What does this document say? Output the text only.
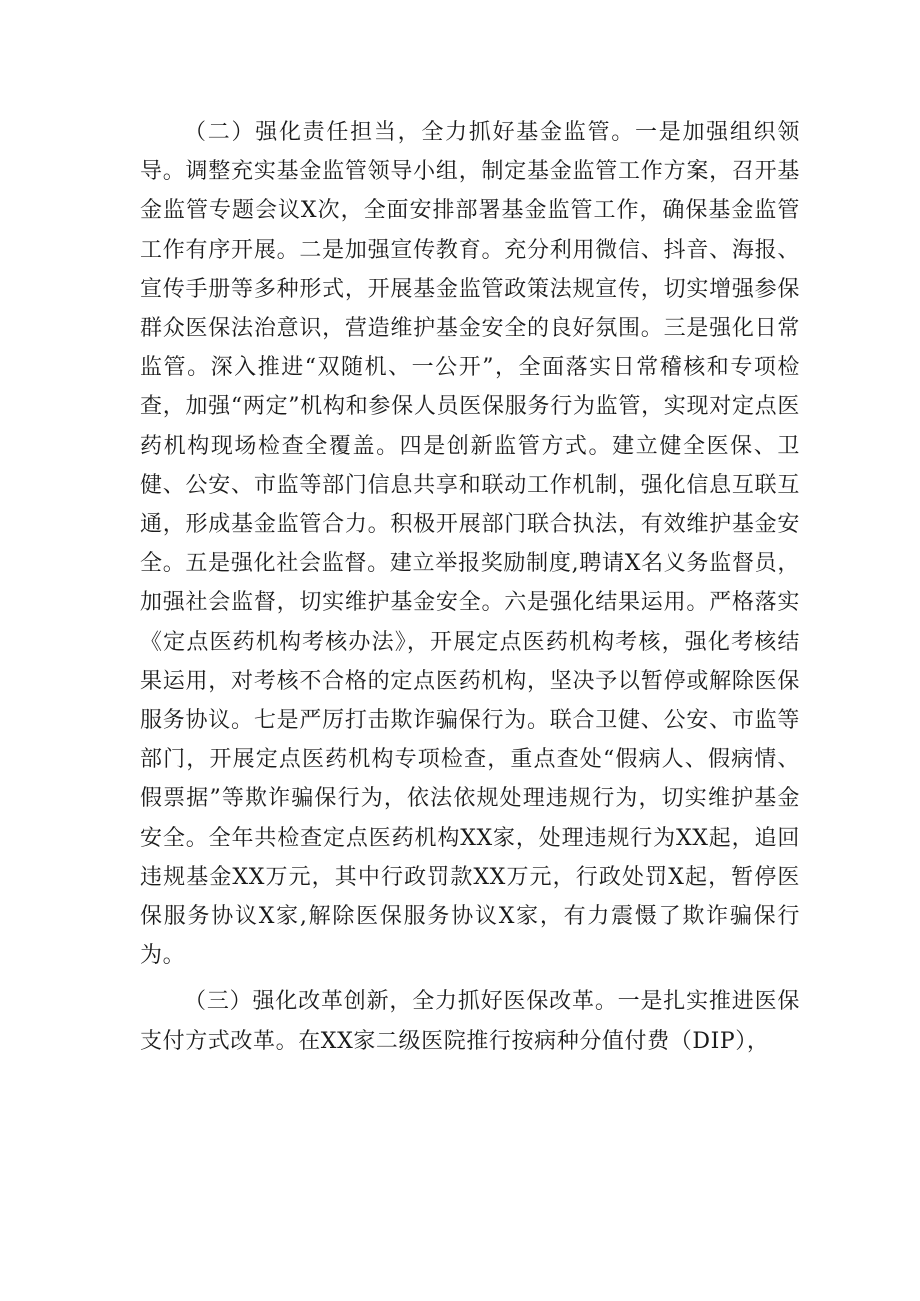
（二）强化责任担当，全力抓好基金监管。一是加强组织领导。调整充实基金监管领导小组，制定基金监管工作方案，召开基金监管专题会议X次，全面安排部署基金监管工作，确保基金监管工作有序开展。二是加强宣传教育。充分利用微信、抖音、海报、宣传手册等多种形式，开展基金监管政策法规宣传，切实增强参保群众医保法治意识，营造维护基金安全的良好氛围。三是强化日常监管。深入推进“双随机、一公开”，全面落实日常稽核和专项检查，加强“两定”机构和参保人员医保服务行为监管，实现对定点医药机构现场检查全覆盖。四是创新监管方式。建立健全医保、卫健、公安、市监等部门信息共享和联动工作机制，强化信息互联互通，形成基金监管合力。积极开展部门联合执法，有效维护基金安全。五是强化社会监督。建立举报奖励制度,聘请X名义务监督员，加强社会监督，切实维护基金安全。六是强化结果运用。严格落实《定点医药机构考核办法》，开展定点医药机构考核，强化考核结果运用，对考核不合格的定点医药机构，坚决予以暂停或解除医保服务协议。七是严厉打击欺诈骗保行为。联合卫健、公安、市监等部门，开展定点医药机构专项检查，重点查处“假病人、假病情、假票据”等欺诈骗保行为，依法依规处理违规行为，切实维护基金安全。全年共检查定点医药机构XX家，处理违规行为XX起，追回违规基金XX万元，其中行政罚款XX万元，行政处罚X起，暂停医保服务协议X家,解除医保服务协议X家，有力震慑了欺诈骗保行为。

（三）强化改革创新，全力抓好医保改革。一是扎实推进医保支付方式改革。在XX家二级医院推行按病种分值付费（DIP），
